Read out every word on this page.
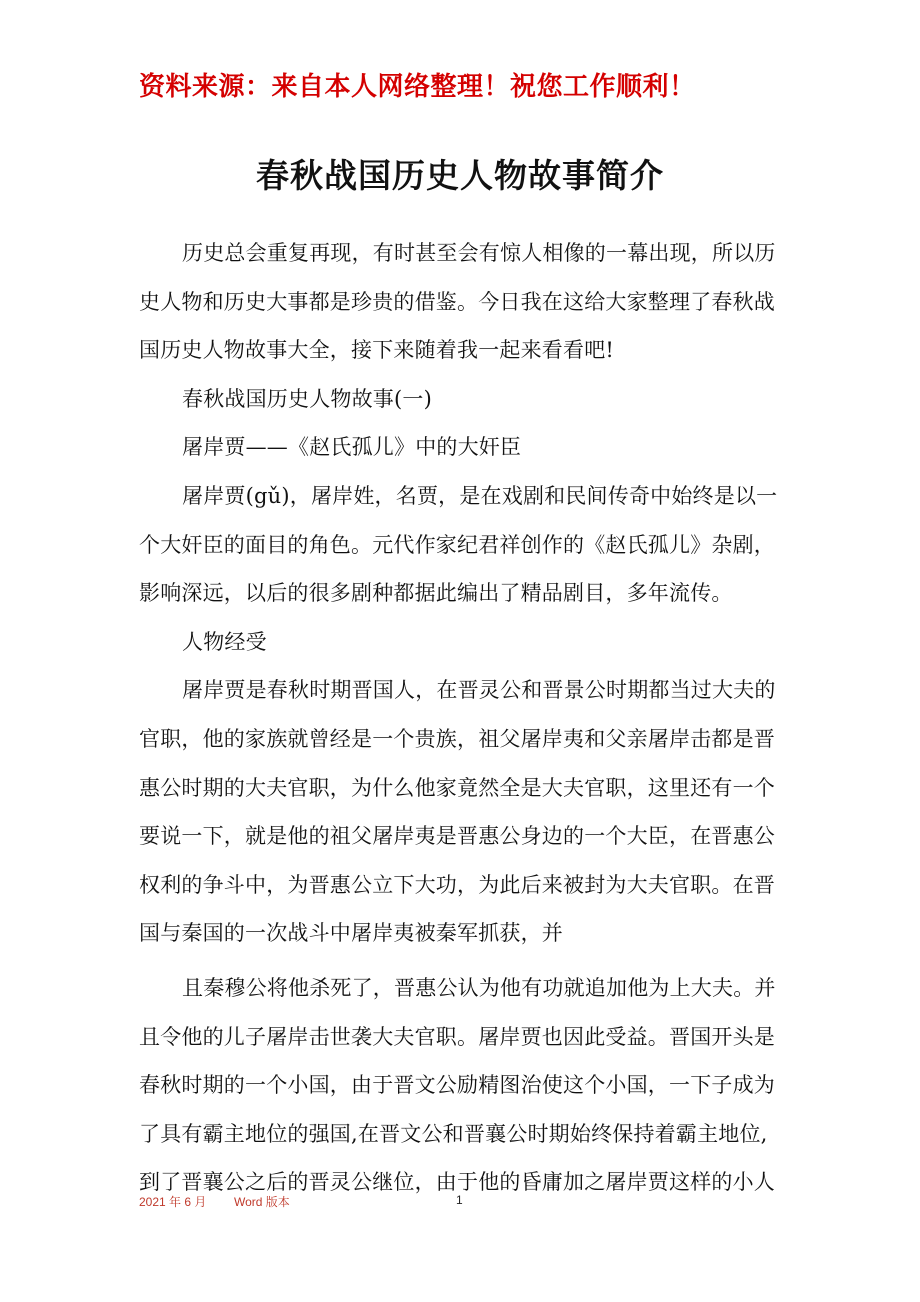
资料来源：来自本人网络整理！祝您工作顺利！
春秋战国历史人物故事简介
历史总会重复再现，有时甚至会有惊人相像的一幕出现，所以历
史人物和历史大事都是珍贵的借鉴。今日我在这给大家整理了春秋战
国历史人物故事大全，接下来随着我一起来看看吧!
春秋战国历史人物故事(一)
屠岸贾——《赵氏孤儿》中的大奸臣
屠岸贾(gǔ)，屠岸姓，名贾，是在戏剧和民间传奇中始终是以一
个大奸臣的面目的角色。元代作家纪君祥创作的《赵氏孤儿》杂剧，
影响深远，以后的很多剧种都据此编出了精品剧目，多年流传。
人物经受
屠岸贾是春秋时期晋国人，在晋灵公和晋景公时期都当过大夫的
官职，他的家族就曾经是一个贵族，祖父屠岸夷和父亲屠岸击都是晋
惠公时期的大夫官职，为什么他家竟然全是大夫官职，这里还有一个
要说一下，就是他的祖父屠岸夷是晋惠公身边的一个大臣，在晋惠公
权利的争斗中，为晋惠公立下大功，为此后来被封为大夫官职。在晋
国与秦国的一次战斗中屠岸夷被秦军抓获，并
且秦穆公将他杀死了，晋惠公认为他有功就追加他为上大夫。并
且令他的儿子屠岸击世袭大夫官职。屠岸贾也因此受益。晋国开头是
春秋时期的一个小国，由于晋文公励精图治使这个小国，一下子成为
了具有霸主地位的强国,在晋文公和晋襄公时期始终保持着霸主地位,
到了晋襄公之后的晋灵公继位，由于他的昏庸加之屠岸贾这样的小人
2021 年 6 月 Word 版本	1
